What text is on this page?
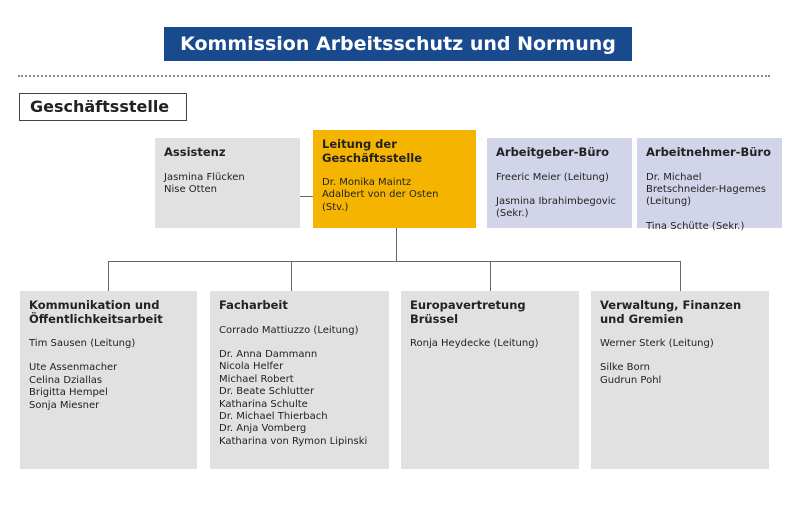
Kommission Arbeitsschutz und Normung
Geschäftsstelle
Assistenz

Jasmina Flücken

Nise Otten

Leitung der Geschäftsstelle

Dr. Monika Maintz

Adalbert von der Osten (Stv.)

Arbeitgeber-Büro

Freeric Meier (Leitung)

Jasmina Ibrahimbegovic (Sekr.)

Arbeitnehmer-Büro

Dr. Michael Bretschneider-Hagemes (Leitung)

Tina Schütte (Sekr.)

Kommunikation und Öffentlichkeitsarbeit

Tim Sausen (Leitung)

Ute Assenmacher

Celina Dziallas

Brigitta Hempel

Sonja Miesner

Facharbeit

Corrado Mattiuzzo (Leitung)

Dr. Anna Dammann

Nicola Helfer

Michael Robert

Dr. Beate Schlutter

Katharina Schulte

Dr. Michael Thierbach

Dr. Anja Vomberg

Katharina von Rymon Lipinski

Europavertretung Brüssel

Ronja Heydecke (Leitung)

Verwaltung, Finanzen und Gremien

Werner Sterk (Leitung)

Silke Born

Gudrun Pohl
